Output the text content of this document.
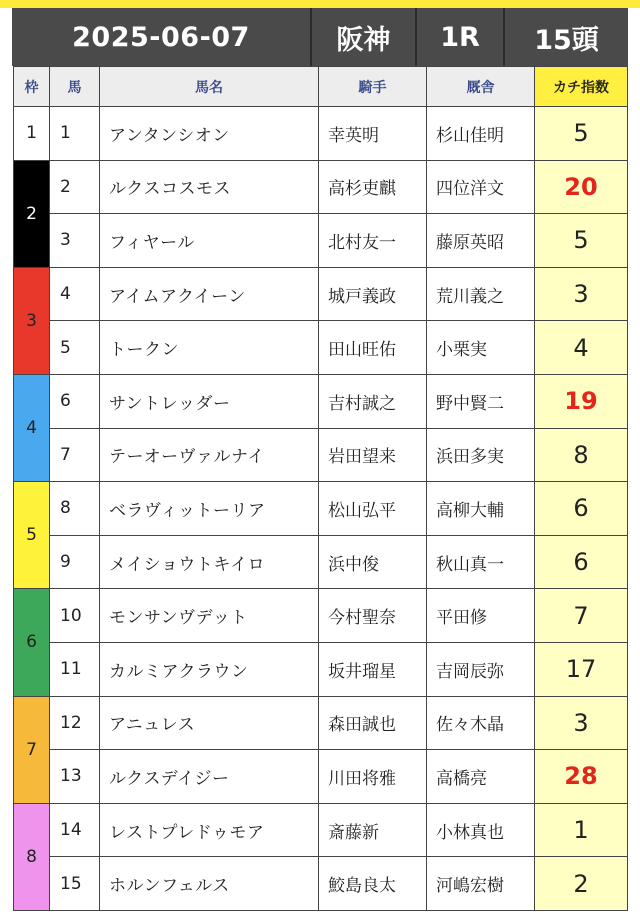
2025-06-07	阪神	1R	15頭
枠	馬	馬名	騎手	厩舎	カチ指数
1	1	アンタンシオン	幸英明	杉山佳明	5
2	2	ルクスコスモス	高杉吏麒	四位洋文	20
	3	フィヤール	北村友一	藤原英昭	5
3	4	アイムアクイーン	城戸義政	荒川義之	3
	5	トークン	田山旺佑	小栗実	4
4	6	サントレッダー	吉村誠之	野中賢二	19
	7	テーオーヴァルナイ	岩田望来	浜田多実	8
5	8	ベラヴィットーリア	松山弘平	高柳大輔	6
	9	メイショウトキイロ	浜中俊	秋山真一	6
6	10	モンサンヴデット	今村聖奈	平田修	7
	11	カルミアクラウン	坂井瑠星	吉岡辰弥	17
7	12	アニュレス	森田誠也	佐々木晶	3
	13	ルクスデイジー	川田将雅	高橋亮	28
8	14	レストプレドゥモア	斎藤新	小林真也	1
	15	ホルンフェルス	鮫島良太	河嶋宏樹	2
